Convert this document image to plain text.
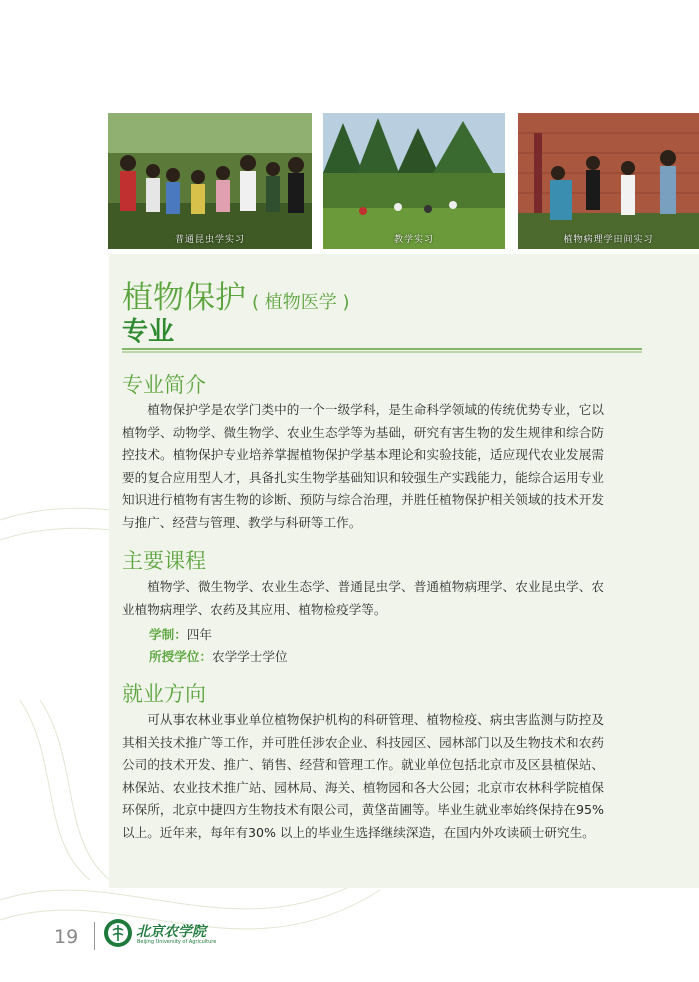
普通昆虫学实习	教学实习	植物病理学田间实习
植物保护 ( 植物医学 )
专业
专业简介

植物保护学是农学门类中的一个一级学科，是生命科学领域的传统优势专业，它以植物学、动物学、微生物学、农业生态学等为基础，研究有害生物的发生规律和综合防控技术。植物保护专业培养掌握植物保护学基本理论和实验技能，适应现代农业发展需要的复合应用型人才，具备扎实生物学基础知识和较强生产实践能力，能综合运用专业知识进行植物有害生物的诊断、预防与综合治理，并胜任植物保护相关领域的技术开发与推广、经营与管理、教学与科研等工作。

主要课程

植物学、微生物学、农业生态学、普通昆虫学、普通植物病理学、农业昆虫学、农业植物病理学、农药及其应用、植物检疫学等。

学制：四年
所授学位：农学学士学位
就业方向

可从事农林业事业单位植物保护机构的科研管理、植物检疫、病虫害监测与防控及其相关技术推广等工作，并可胜任涉农企业、科技园区、园林部门以及生物技术和农药公司的技术开发、推广、销售、经营和管理工作。就业单位包括北京市及区县植保站、林保站、农业技术推广站、园林局、海关、植物园和各大公园；北京市农林科学院植保环保所，北京中捷四方生物技术有限公司，黄垡苗圃等。毕业生就业率始终保持在95% 以上。近年来，每年有30% 以上的毕业生选择继续深造，在国内外攻读硕士研究生。

19	北京农学院
Beijing University of Agriculture
